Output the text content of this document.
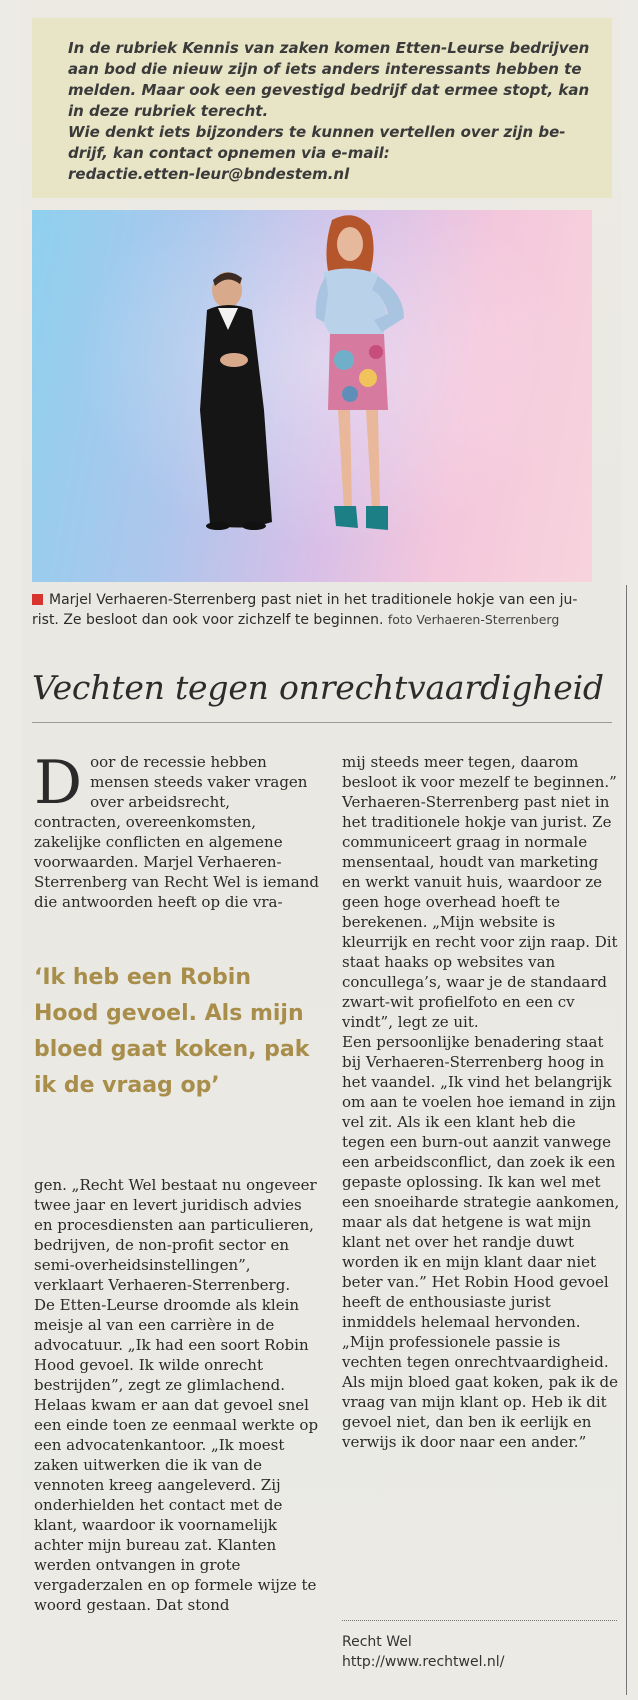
In de rubriek Kennis van zaken komen Etten-Leurse bedrijven

aan bod die nieuw zijn of iets anders interessants hebben te

melden. Maar ook een gevestigd bedrijf dat ermee stopt, kan

in deze rubriek terecht.

Wie denkt iets bijzonders te kunnen vertellen over zijn be-

drijf, kan contact opnemen via e-mail:

redactie.etten-leur@bndestem.nl

Marjel Verhaeren-Sterrenberg past niet in het traditionele hokje van een ju-
rist. Ze besloot dan ook voor zichzelf te beginnen. foto Verhaeren-Sterrenberg
Vechten tegen onrechtvaardigheid
D oor de recessie hebben mensen steeds vaker vragen over arbeidsrecht, contracten, overeenkomsten, zakelijke conflicten en algemene voorwaarden. Marjel Verhaeren-Sterrenberg van Recht Wel is iemand die antwoorden heeft op die vra-
‘Ik heb een Robin Hood gevoel. Als mijn bloed gaat koken, pak ik de vraag op’

gen. „Recht Wel bestaat nu ongeveer twee jaar en levert juridisch advies en procesdiensten aan particulieren, bedrijven, de non-profit sector en semi-overheidsinstellingen”, verklaart Verhaeren-Sterrenberg.

De Etten-Leurse droomde als klein meisje al van een carrière in de advocatuur. „Ik had een soort Robin Hood gevoel. Ik wilde onrecht bestrijden”, zegt ze glimlachend.

Helaas kwam er aan dat gevoel snel een einde toen ze eenmaal werkte op een advocatenkantoor. „Ik moest zaken uitwerken die ik van de vennoten kreeg aangeleverd. Zij onderhielden het contact met de klant, waardoor ik voornamelijk achter mijn bureau zat. Klanten werden ontvangen in grote vergaderzalen en op formele wijze te woord gestaan. Dat stond

mij steeds meer tegen, daarom besloot ik voor mezelf te beginnen.”

Verhaeren-Sterrenberg past niet in het traditionele hokje van jurist. Ze communiceert graag in normale mensentaal, houdt van marketing en werkt vanuit huis, waardoor ze geen hoge overhead hoeft te berekenen. „Mijn website is kleurrijk en recht voor zijn raap. Dit staat haaks op websites van concullega’s, waar je de standaard zwart-wit profielfoto en een cv vindt”, legt ze uit.

Een persoonlijke benadering staat bij Verhaeren-Sterrenberg hoog in het vaandel. „Ik vind het belangrijk om aan te voelen hoe iemand in zijn vel zit. Als ik een klant heb die tegen een burn-out aanzit vanwege een arbeidsconflict, dan zoek ik een gepaste oplossing. Ik kan wel met een snoeiharde strategie aankomen, maar als dat hetgene is wat mijn klant net over het randje duwt worden ik en mijn klant daar niet beter van.” Het Robin Hood gevoel heeft de enthousiaste jurist inmiddels helemaal hervonden. „Mijn professionele passie is vechten tegen onrechtvaardigheid. Als mijn bloed gaat koken, pak ik de vraag van mijn klant op. Heb ik dit gevoel niet, dan ben ik eerlijk en verwijs ik door naar een ander.”

Recht Wel
http://www.rechtwel.nl/
